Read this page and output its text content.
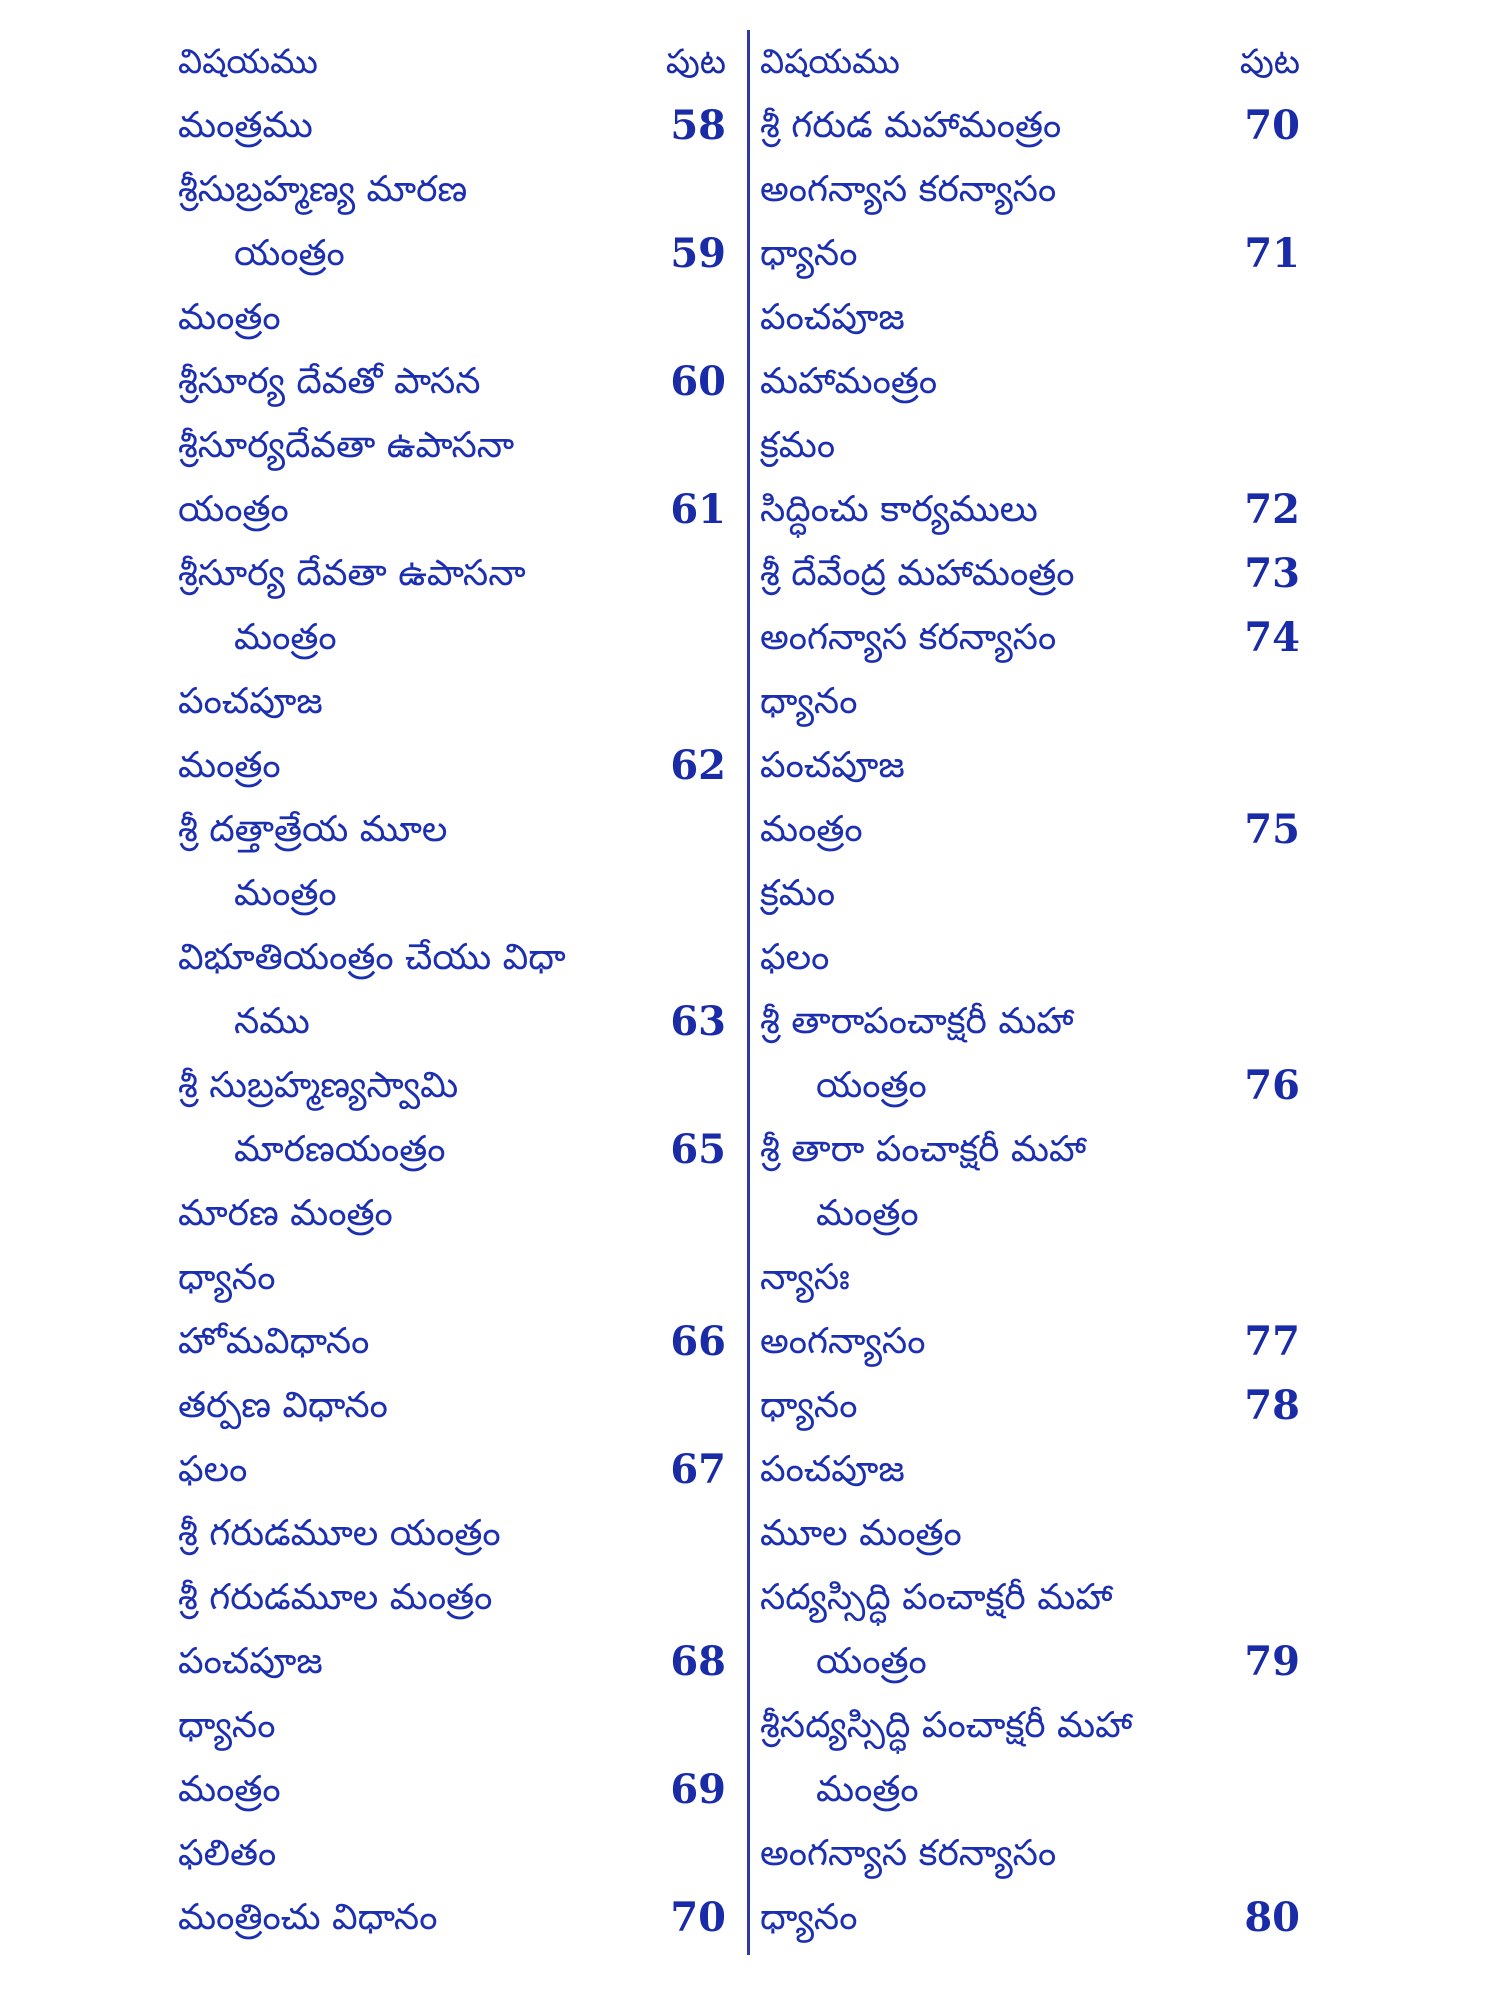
విషయము	పుట
మంత్రము	58
శ్రీసుబ్రహ్మణ్య మారణ
యంత్రం	59
మంత్రం
శ్రీసూర్య దేవతో పాసన	60
శ్రీసూర్యదేవతా ఉపాసనా
యంత్రం	61
శ్రీసూర్య దేవతా ఉపాసనా
మంత్రం
పంచపూజ
మంత్రం	62
శ్రీ దత్తాత్రేయ మూల
మంత్రం
విభూతియంత్రం చేయు విధా
నము	63
శ్రీ సుబ్రహ్మణ్యస్వామి
మారణయంత్రం	65
మారణ మంత్రం
ధ్యానం
హోమవిధానం	66
తర్పణ విధానం
ఫలం	67
శ్రీ గరుడమూల యంత్రం
శ్రీ గరుడమూల మంత్రం
పంచపూజ	68
ధ్యానం
మంత్రం	69
ఫలితం
మంత్రించు విధానం	70
విషయము	పుట
శ్రీ గరుడ మహామంత్రం	70
అంగన్యాస కరన్యాసం
ధ్యానం	71
పంచపూజ
మహామంత్రం
క్రమం
సిద్ధించు కార్యములు	72
శ్రీ దేవేంద్ర మహామంత్రం	73
అంగన్యాస కరన్యాసం	74
ధ్యానం
పంచపూజ
మంత్రం	75
క్రమం
ఫలం
శ్రీ తారాపంచాక్షరీ మహా
యంత్రం	76
శ్రీ తారా పంచాక్షరీ మహా
మంత్రం
న్యాసః
అంగన్యాసం	77
ధ్యానం	78
పంచపూజ
మూల మంత్రం
సద్యస్సిద్ధి పంచాక్షరీ మహా
యంత్రం	79
శ్రీసద్యస్సిద్ధి పంచాక్షరీ మహా
మంత్రం
అంగన్యాస కరన్యాసం
ధ్యానం	80
